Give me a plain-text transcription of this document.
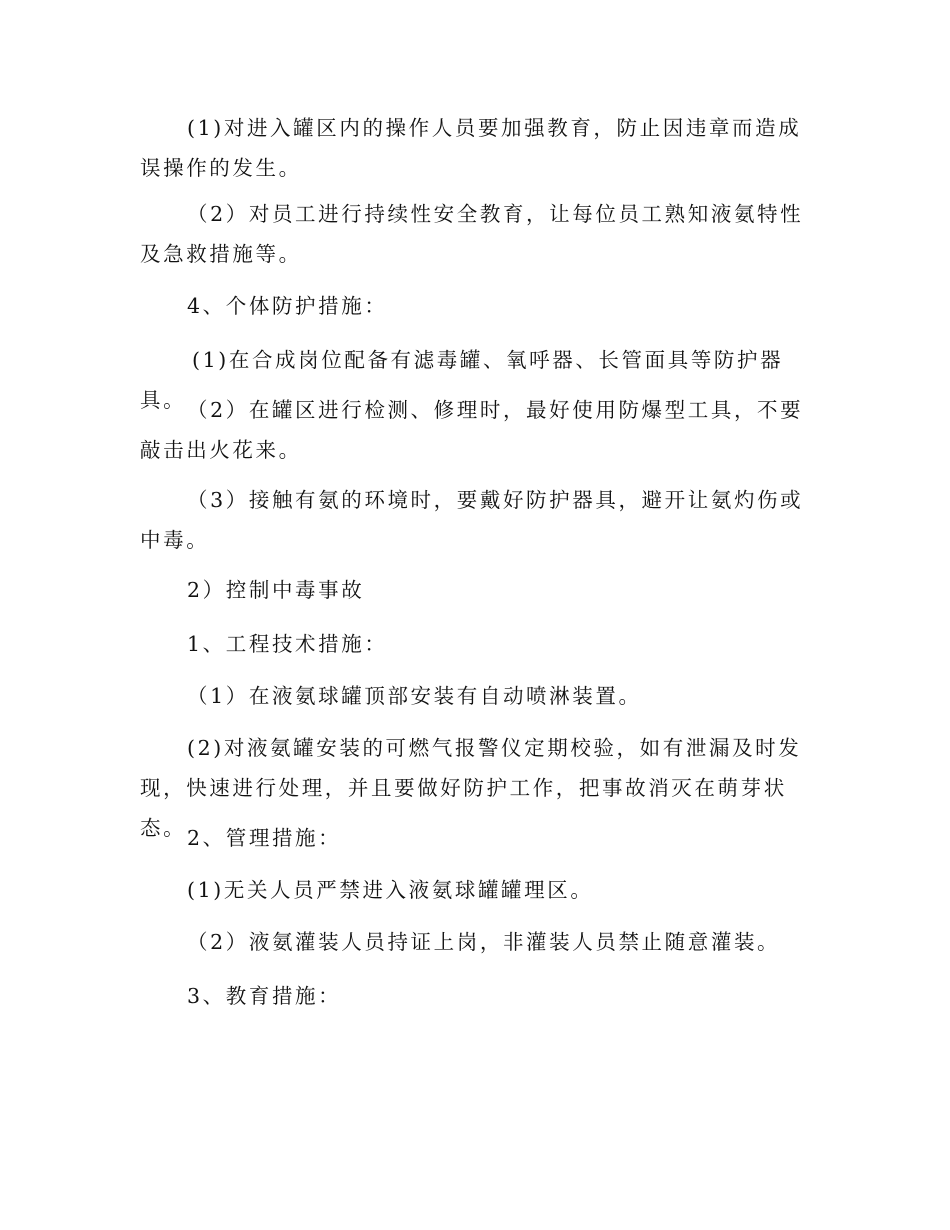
(1)对进入罐区内的操作人员要加强教育，防止因违章而造成误操作的发生。

（2）对员工进行持续性安全教育，让每位员工熟知液氨特性及急救措施等。

4、个体防护措施：

(1)在合成岗位配备有滤毒罐、氧呼器、长管面具等防护器具。 （2）在罐区进行检测、修理时，最好使用防爆型工具，不要敲击出火花来。

（3）接触有氨的环境时，要戴好防护器具，避开让氨灼伤或中毒。

2）控制中毒事故

1、工程技术措施：

（1）在液氨球罐顶部安装有自动喷淋装置。

(2)对液氨罐安装的可燃气报警仪定期校验，如有泄漏及时发现，快速进行处理，并且要做好防护工作，把事故消灭在萌芽状态。 2、管理措施：

(1)无关人员严禁进入液氨球罐罐理区。

（2）液氨灌装人员持证上岗，非灌装人员禁止随意灌装。

3、教育措施：
